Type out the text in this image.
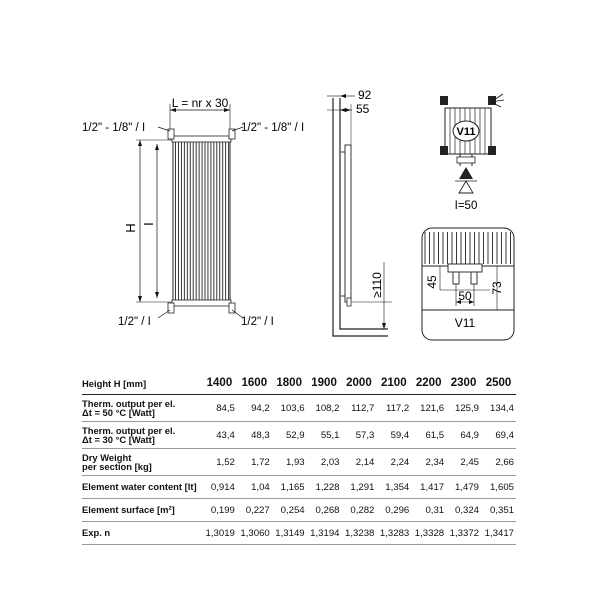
L = nr x 30
1/2" - 1/8" / I	1/2" - 1/8" / I
1/2" / I	1/2" / I
H I
92
55
≥110
V11
I=50
45
50
73
V11
Height H [mm]	1400	1600	1800	1900	2000	2100	2200	2300	2500

Therm. output per el.
Δt = 50 °C [Watt]	84,5	94,2	103,6	108,2	112,7	117,2	121,6	125,9	134,4

Therm. output per el.
Δt = 30 °C [Watt]	43,4	48,3	52,9	55,1	57,3	59,4	61,5	64,9	69,4

Dry Weight
per section [kg]	1,52	1,72	1,93	2,03	2,14	2,24	2,34	2,45	2,66

Element water content [lt]	0,914	1,04	1,165	1,228	1,291	1,354	1,417	1,479	1,605

Element surface [m²]	0,199	0,227	0,254	0,268	0,282	0,296	0,31	0,324	0,351

Exp. n	1,3019	1,3060	1,3149	1,3194	1,3238	1,3283	1,3328	1,3372	1,3417
